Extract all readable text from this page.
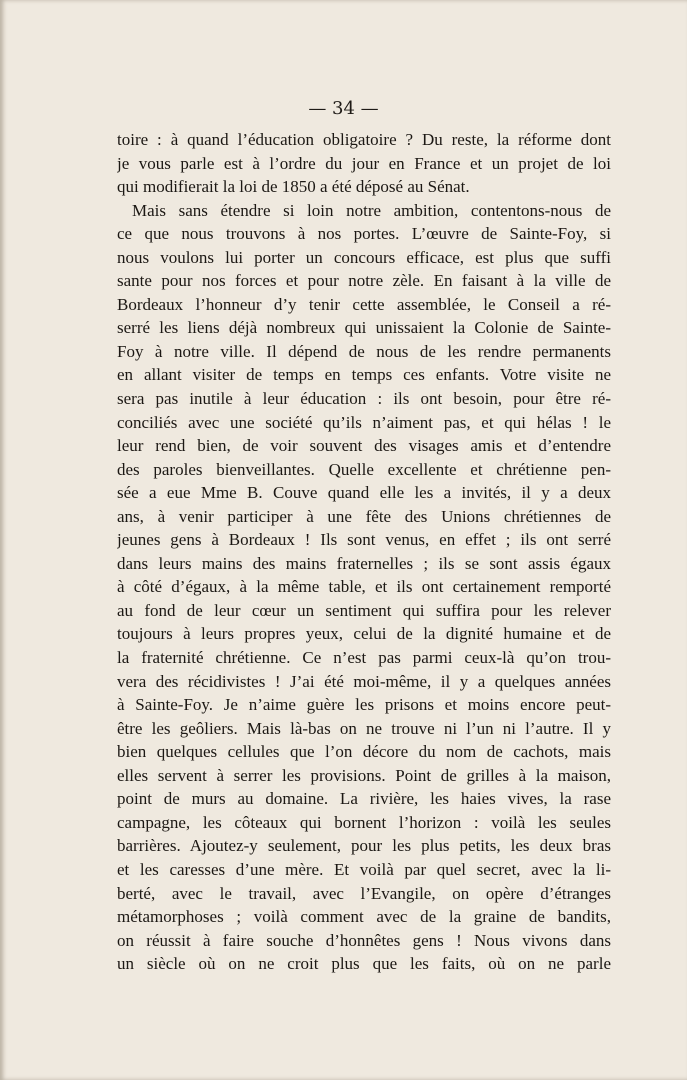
— 34 —
toire : à quand l’éducation obligatoire ? Du reste, la réforme dont
je vous parle est à l’ordre du jour en France et un projet de loi
qui modifierait la loi de 1850 a été déposé au Sénat.
Mais sans étendre si loin notre ambition, contentons-nous de
ce que nous trouvons à nos portes. L’œuvre de Sainte-Foy, si
nous voulons lui porter un concours efficace, est plus que suffi
sante pour nos forces et pour notre zèle. En faisant à la ville de
Bordeaux l’honneur d’y tenir cette assemblée, le Conseil a ré-
serré les liens déjà nombreux qui unissaient la Colonie de Sainte-
Foy à notre ville. Il dépend de nous de les rendre permanents
en allant visiter de temps en temps ces enfants. Votre visite ne
sera pas inutile à leur éducation : ils ont besoin, pour être ré-
conciliés avec une société qu’ils n’aiment pas, et qui hélas ! le
leur rend bien, de voir souvent des visages amis et d’entendre
des paroles bienveillantes. Quelle excellente et chrétienne pen-
sée a eue Mme B. Couve quand elle les a invités, il y a deux
ans, à venir participer à une fête des Unions chrétiennes de
jeunes gens à Bordeaux ! Ils sont venus, en effet ; ils ont serré
dans leurs mains des mains fraternelles ; ils se sont assis égaux
à côté d’égaux, à la même table, et ils ont certainement remporté
au fond de leur cœur un sentiment qui suffira pour les relever
toujours à leurs propres yeux, celui de la dignité humaine et de
la fraternité chrétienne. Ce n’est pas parmi ceux-là qu’on trou-
vera des récidivistes ! J’ai été moi-même, il y a quelques années
à Sainte-Foy. Je n’aime guère les prisons et moins encore peut-
être les geôliers. Mais là-bas on ne trouve ni l’un ni l’autre. Il y
bien quelques cellules que l’on décore du nom de cachots, mais
elles servent à serrer les provisions. Point de grilles à la maison,
point de murs au domaine. La rivière, les haies vives, la rase
campagne, les côteaux qui bornent l’horizon : voilà les seules
barrières. Ajoutez-y seulement, pour les plus petits, les deux bras
et les caresses d’une mère. Et voilà par quel secret, avec la li-
berté, avec le travail, avec l’Evangile, on opère d’étranges
métamorphoses ; voilà comment avec de la graine de bandits,
on réussit à faire souche d’honnêtes gens ! Nous vivons dans
un siècle où on ne croit plus que les faits, où on ne parle
